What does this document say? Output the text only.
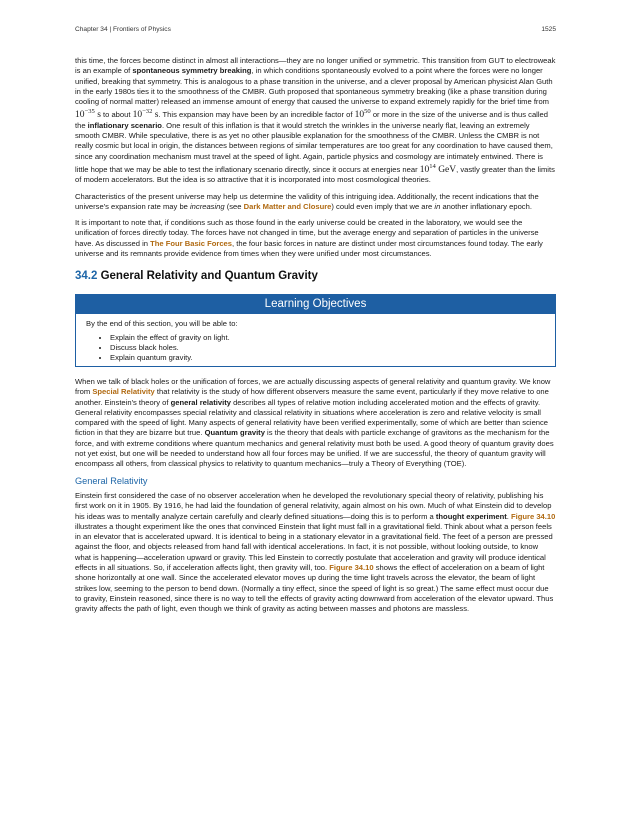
Chapter 34 | Frontiers of Physics	1525

this time, the forces become distinct in almost all interactions—they are no longer unified or symmetric. This transition from GUT to electroweak is an example of spontaneous symmetry breaking, in which conditions spontaneously evolved to a point where the forces were no longer unified, breaking that symmetry. This is analogous to a phase transition in the universe, and a clever proposal by American physicist Alan Guth in the early 1980s ties it to the smoothness of the CMBR. Guth proposed that spontaneous symmetry breaking (like a phase transition during cooling of normal matter) released an immense amount of energy that caused the universe to expand extremely rapidly for the brief time from $10^{-35}$ s to about $10^{-32}$ s. This expansion may have been by an incredible factor of $10^{50}$ or more in the size of the universe and is thus called the inflationary scenario. One result of this inflation is that it would stretch the wrinkles in the universe nearly flat, leaving an extremely smooth CMBR. While speculative, there is as yet no other plausible explanation for the smoothness of the CMBR. Unless the CMBR is not really cosmic but local in origin, the distances between regions of similar temperatures are too great for any coordination to have caused them, since any coordination mechanism must travel at the speed of light. Again, particle physics and cosmology are intimately entwined. There is little hope that we may be able to test the inflationary scenario directly, since it occurs at energies near $10^{14}$ GeV, vastly greater than the limits of modern accelerators. But the idea is so attractive that it is incorporated into most cosmological theories.

Characteristics of the present universe may help us determine the validity of this intriguing idea. Additionally, the recent indications that the universe's expansion rate may be increasing (see Dark Matter and Closure) could even imply that we are in another inflationary epoch.

It is important to note that, if conditions such as those found in the early universe could be created in the laboratory, we would see the unification of forces directly today. The forces have not changed in time, but the average energy and separation of particles in the universe have. As discussed in The Four Basic Forces, the four basic forces in nature are distinct under most circumstances found today. The early universe and its remnants provide evidence from times when they were unified under most circumstances.

34.2 General Relativity and Quantum Gravity
Learning Objectives
By the end of this section, you will be able to:
• Explain the effect of gravity on light.
• Discuss black holes.
• Explain quantum gravity.

When we talk of black holes or the unification of forces, we are actually discussing aspects of general relativity and quantum gravity. We know from Special Relativity that relativity is the study of how different observers measure the same event, particularly if they move relative to one another. Einstein's theory of general relativity describes all types of relative motion including accelerated motion and the effects of gravity. General relativity encompasses special relativity and classical relativity in situations where acceleration is zero and relative velocity is small compared with the speed of light. Many aspects of general relativity have been verified experimentally, some of which are better than science fiction in that they are bizarre but true. Quantum gravity is the theory that deals with particle exchange of gravitons as the mechanism for the force, and with extreme conditions where quantum mechanics and general relativity must both be used. A good theory of quantum gravity does not yet exist, but one will be needed to understand how all four forces may be unified. If we are successful, the theory of quantum gravity will encompass all others, from classical physics to relativity to quantum mechanics—truly a Theory of Everything (TOE).

General Relativity

Einstein first considered the case of no observer acceleration when he developed the revolutionary special theory of relativity, publishing his first work on it in 1905. By 1916, he had laid the foundation of general relativity, again almost on his own. Much of what Einstein did to develop his ideas was to mentally analyze certain carefully and clearly defined situations—doing this is to perform a thought experiment. Figure 34.10 illustrates a thought experiment like the ones that convinced Einstein that light must fall in a gravitational field. Think about what a person feels in an elevator that is accelerated upward. It is identical to being in a stationary elevator in a gravitational field. The feet of a person are pressed against the floor, and objects released from hand fall with identical accelerations. In fact, it is not possible, without looking outside, to know what is happening—acceleration upward or gravity. This led Einstein to correctly postulate that acceleration and gravity will produce identical effects in all situations. So, if acceleration affects light, then gravity will, too. Figure 34.10 shows the effect of acceleration on a beam of light shone horizontally at one wall. Since the accelerated elevator moves up during the time light travels across the elevator, the beam of light strikes low, seeming to the person to bend down. (Normally a tiny effect, since the speed of light is so great.) The same effect must occur due to gravity, Einstein reasoned, since there is no way to tell the effects of gravity acting downward from acceleration of the elevator upward. Thus gravity affects the path of light, even though we think of gravity as acting between masses and photons are massless.
